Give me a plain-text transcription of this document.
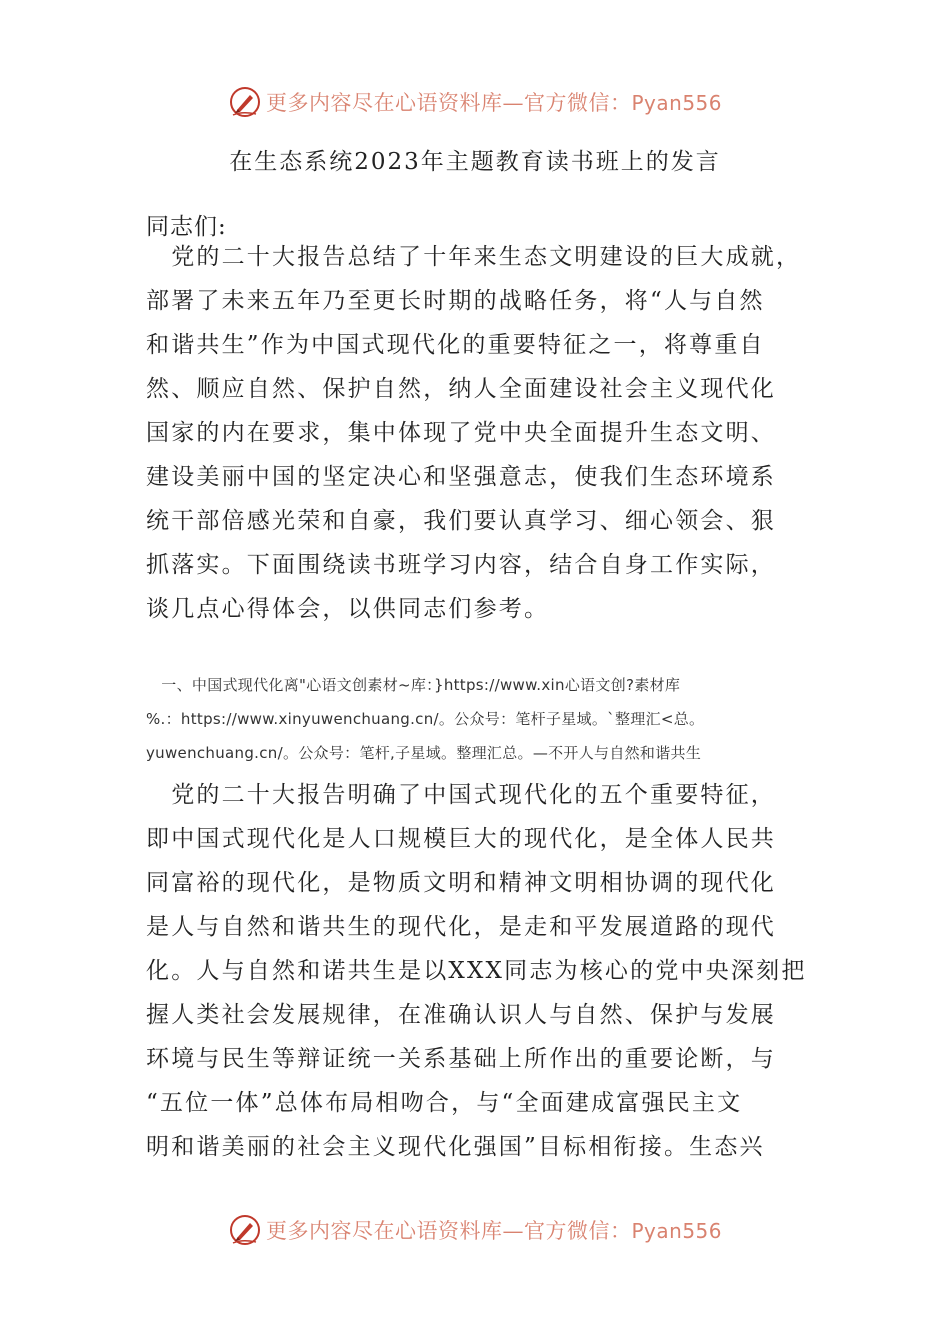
更多内容尽在心语资料库—官方微信：Pyan556
在生态系统2023年主题教育读书班上的发言
同志们:
　党的二十大报告总结了十年来生态文明建设的巨大成就，
部署了未来五年乃至更长时期的战略任务，将“人与自然
和谐共生”作为中国式现代化的重要特征之一，将尊重自
然、顺应自然、保护自然，纳人全面建设社会主义现代化
国家的内在要求，集中体现了党中央全面提升生态文明、
建设美丽中国的坚定决心和坚强意志，使我们生态环境系
统干部倍感光荣和自豪，我们要认真学习、细心领会、狠
抓落实。下面围绕读书班学习内容，结合自身工作实际，
谈几点心得体会，以供同志们参考。
　一、中国式现代化离"心语文创素材~库：}https://www.xin心语文创?素材库
%.：https://www.xinyuwenchuang.cn/。公众号：笔杆子星域。`整理汇<总。
yuwenchuang.cn/。公众号：笔杆,子星域。整理汇总。—不开人与自然和谐共生
　党的二十大报告明确了中国式现代化的五个重要特征，
即中国式现代化是人口规模巨大的现代化，是全体人民共
同富裕的现代化，是物质文明和精神文明相协调的现代化
是人与自然和谐共生的现代化，是走和平发展道路的现代
化。人与自然和诺共生是以XXX同志为核心的党中央深刻把
握人类社会发展规律，在准确认识人与自然、保护与发展
环境与民生等辩证统一关系基础上所作出的重要论断，与
“五位一体”总体布局相吻合，与“全面建成富强民主文
明和谐美丽的社会主义现代化强国”目标相衔接。生态兴
更多内容尽在心语资料库—官方微信：Pyan556
